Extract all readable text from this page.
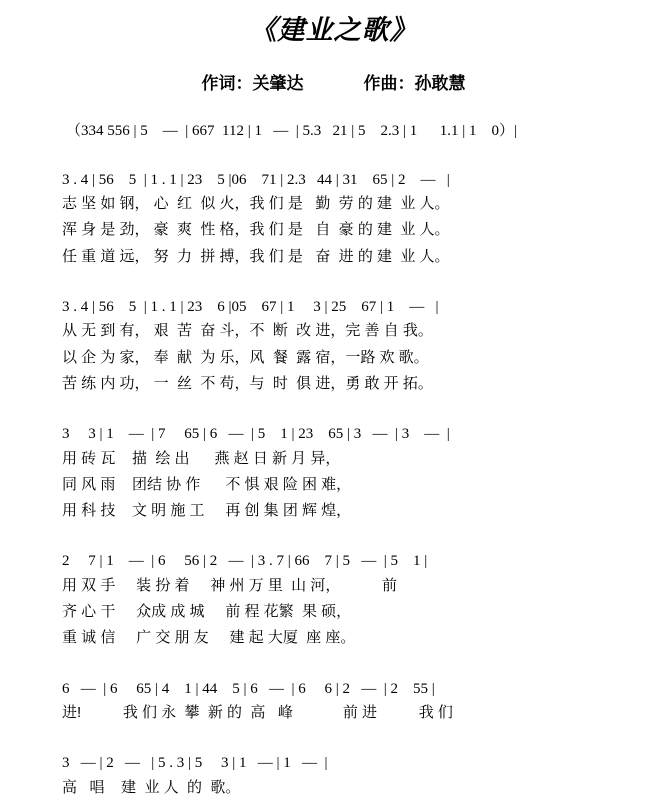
《建业之歌》
作词：关肇达	作曲：孙敢慧
（334 556 | 5    —  | 667  112 | 1   —  | 5.3   21 | 5    2.3 | 1      1.1 | 1    0）|
3 . 4 | 56    5  | 1 . 1 | 23    5 |06    71 | 2.3   44 | 31    65 | 2    —   |
志 坚 如 钢， 心  红  似 火，我 们 是   勤  劳 的 建  业 人。
浑 身 是 劲， 豪  爽  性 格，我 们 是   自  豪 的 建  业 人。
任 重 道 远， 努  力  拼 搏，我 们 是   奋  进 的 建  业 人。
3 . 4 | 56    5  | 1 . 1 | 23    6 |05    67 | 1     3 | 25    67 | 1    —   |
从 无 到 有， 艰  苦  奋 斗，不  断  改 进，完 善 自 我。
以 企 为 家， 奉  献  为 乐，风  餐  露 宿，一路 欢 歌。
苦 练 内 功， 一  丝  不 苟，与  时  俱 进，勇 敢 开 拓。
3     3 | 1    —  | 7     65 | 6   —  | 5    1 | 23    65 | 3   —  | 3    —  |
用 砖 瓦    描  绘 出      燕 赵 日 新 月 异，
同 风 雨    团结 协 作      不 惧 艰 险 困 难，
用 科 技    文 明 施 工     再 创 集 团 辉 煌，
2     7 | 1    —  | 6     56 | 2   —  | 3 . 7 | 66    7 | 5   —  | 5    1 |
用 双 手     装 扮 着     神 州 万 里  山 河，          前
齐 心 干     众成 成 城     前 程 花繁  果 硕，
重 诚 信     广 交 朋 友     建 起 大厦  座 座。
6   —  | 6     65 | 4    1 | 44    5 | 6   —  | 6     6 | 2   —  | 2    55 |
进!          我 们 永  攀  新 的  高   峰            前 进          我 们
3   — | 2   —   | 5 . 3 | 5     3 | 1   — | 1   —  |
高   唱    建  业 人  的  歌。
